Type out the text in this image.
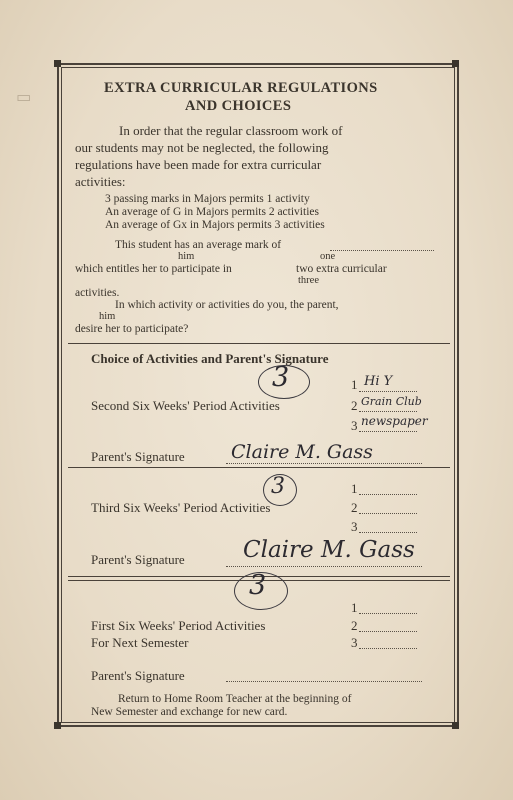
▯
EXTRA CURRICULAR REGULATIONS
AND CHOICES
In order that the regular classroom work of
our students may not be neglected, the following
regulations have been made for extra curricular
activities:
3 passing marks in Majors permits 1 activity
An average of G in Majors permits 2 activities
An average of Gx in Majors permits 3 activities
This student has an average mark of
him	one
which entitles her to participate in	two extra curricular
three
activities.
In which activity or activities do you, the parent,
him
desire her to participate?
Choice of Activities and Parent's Signature
3	1 Hi Y
Second Six Weeks' Period Activities	2 Grain Club
3 newspaper
Parent's Signature Claire M. Gass
3	1
Third Six Weeks' Period Activities	2
3
Parent's Signature	Claire M. Gass
3
1
First Six Weeks' Period Activities	2
For Next Semester	3
Parent's Signature
Return to Home Room Teacher at the beginning of
New Semester and exchange for new card.
